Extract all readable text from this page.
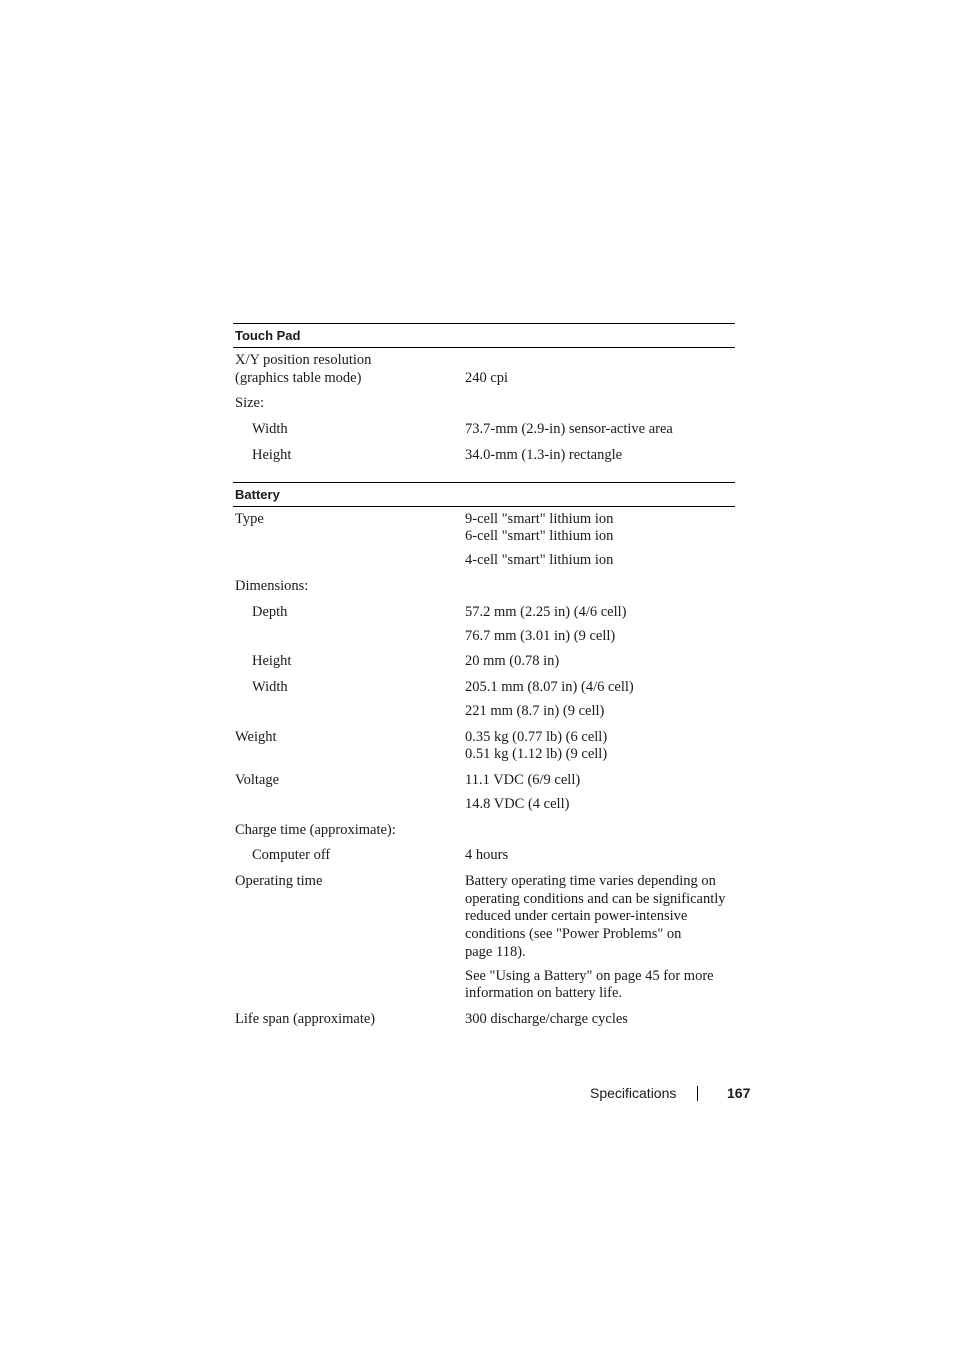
Touch Pad
X/Y position resolution
(graphics table mode)	240 cpi
Size:
Width	73.7-mm (2.9-in) sensor-active area
Height	34.0-mm (1.3-in) rectangle
Battery
Type	9-cell "smart" lithium ion
6-cell "smart" lithium ion
4-cell "smart" lithium ion
Dimensions:
Depth	57.2 mm (2.25 in) (4/6 cell)
76.7 mm (3.01 in) (9 cell)
Height	20 mm (0.78 in)
Width	205.1 mm (8.07 in) (4/6 cell)
221 mm (8.7 in) (9 cell)
Weight	0.35 kg (0.77 lb) (6 cell)
0.51 kg (1.12 lb) (9 cell)
Voltage	11.1 VDC (6/9 cell)
14.8 VDC (4 cell)
Charge time (approximate):
Computer off	4 hours
Operating time	Battery operating time varies depending on
operating conditions and can be significantly
reduced under certain power-intensive
conditions (see "Power Problems" on
page 118).
See "Using a Battery" on page 45 for more
information on battery life.
Life span (approximate)	300 discharge/charge cycles
Specifications	167
